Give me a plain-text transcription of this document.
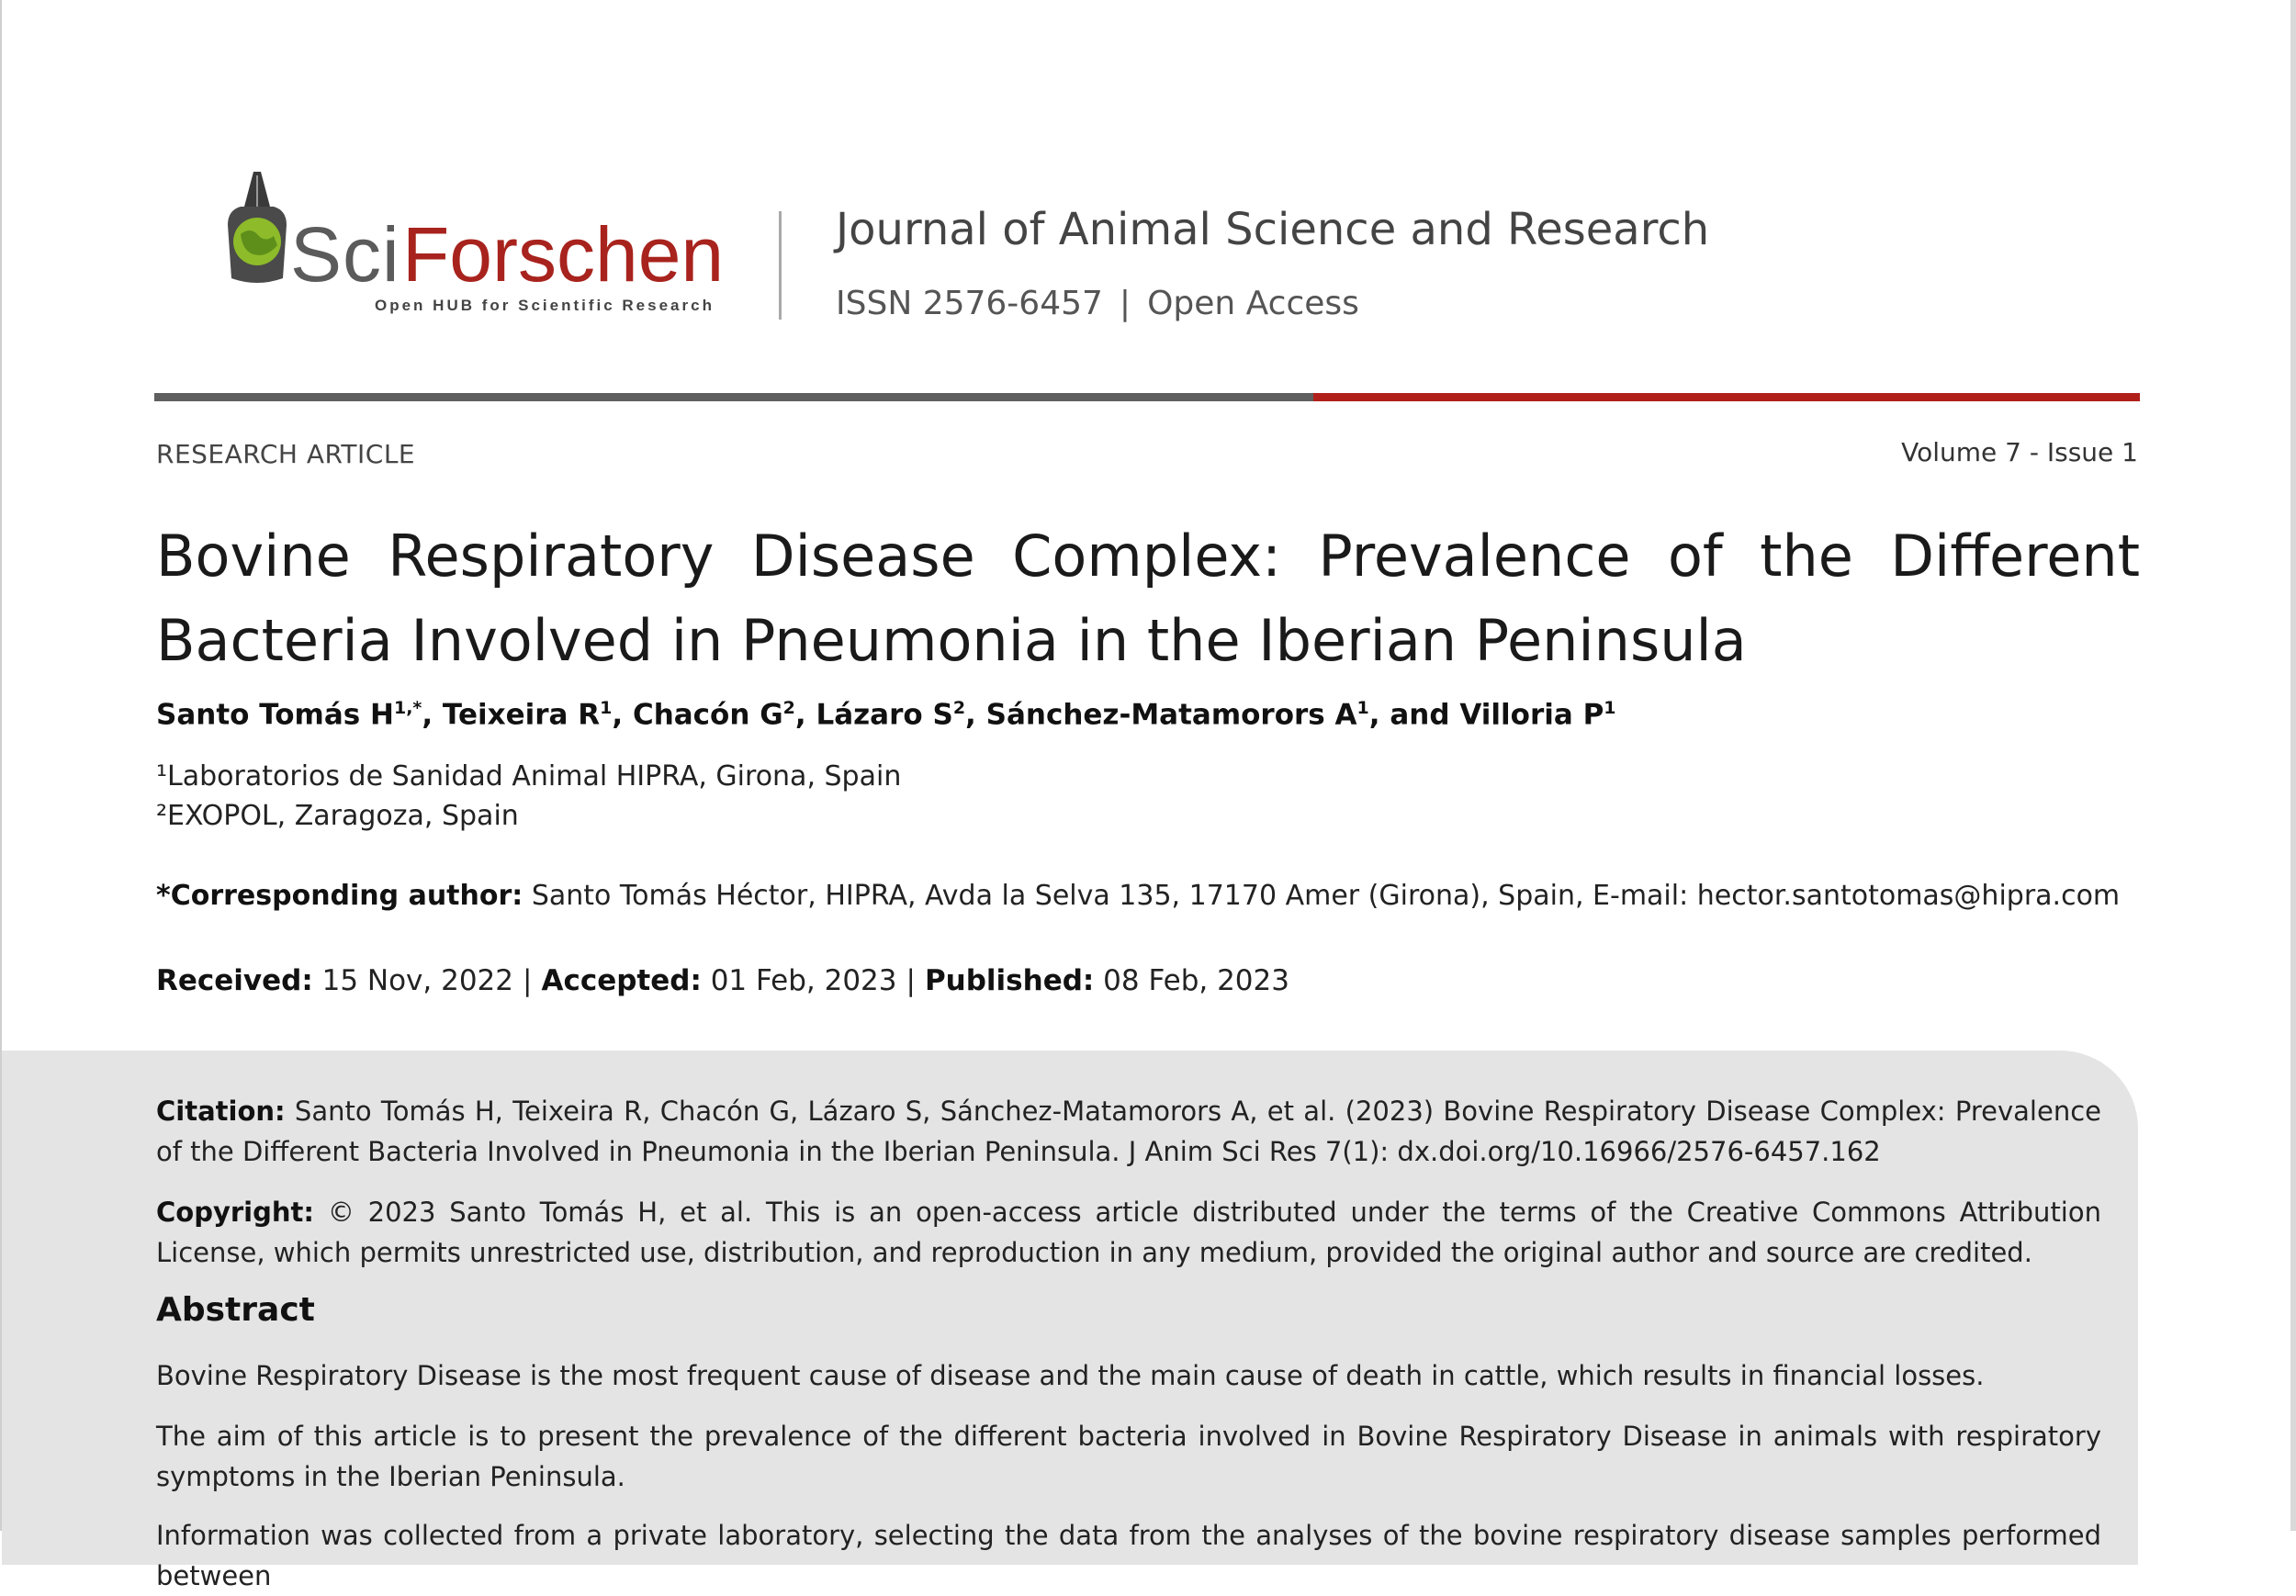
Sci Forschen
Open HUB for Scientific Research
Journal of Animal Science and Research
ISSN 2576-6457 | Open Access
RESEARCH ARTICLE	Volume 7 - Issue 1
Bovine Respiratory Disease Complex: Prevalence of the Different Bacteria Involved in Pneumonia in the Iberian Peninsula
Santo Tomás $H^{1,*}$, Teixeira $R^1$, Chacón $G^2$, Lázaro $S^2$, Sánchez-Matamorors $A^1$, and Villoria $P^1$
¹Laboratorios de Sanidad Animal HIPRA, Girona, Spain
²EXOPOL, Zaragoza, Spain
*Corresponding author: Santo Tomás Héctor, HIPRA, Avda la Selva 135, 17170 Amer (Girona), Spain, E-mail: hector.santotomas@hipra.com
Received: 15 Nov, 2022 | Accepted: 01 Feb, 2023 | Published: 08 Feb, 2023
Citation: Santo Tomás H, Teixeira R, Chacón G, Lázaro S, Sánchez-Matamorors A, et al. (2023) Bovine Respiratory Disease Complex: Prevalence of the Different Bacteria Involved in Pneumonia in the Iberian Peninsula. J Anim Sci Res 7(1): dx.doi.org/10.16966/2576-6457.162
Copyright: © 2023 Santo Tomás H, et al. This is an open-access article distributed under the terms of the Creative Commons Attribution License, which permits unrestricted use, distribution, and reproduction in any medium, provided the original author and source are credited.
Abstract
Bovine Respiratory Disease is the most frequent cause of disease and the main cause of death in cattle, which results in financial losses.
The aim of this article is to present the prevalence of the different bacteria involved in Bovine Respiratory Disease in animals with respiratory symptoms in the Iberian Peninsula.
Information was collected from a private laboratory, selecting the data from the analyses of the bovine respiratory disease samples performed between
